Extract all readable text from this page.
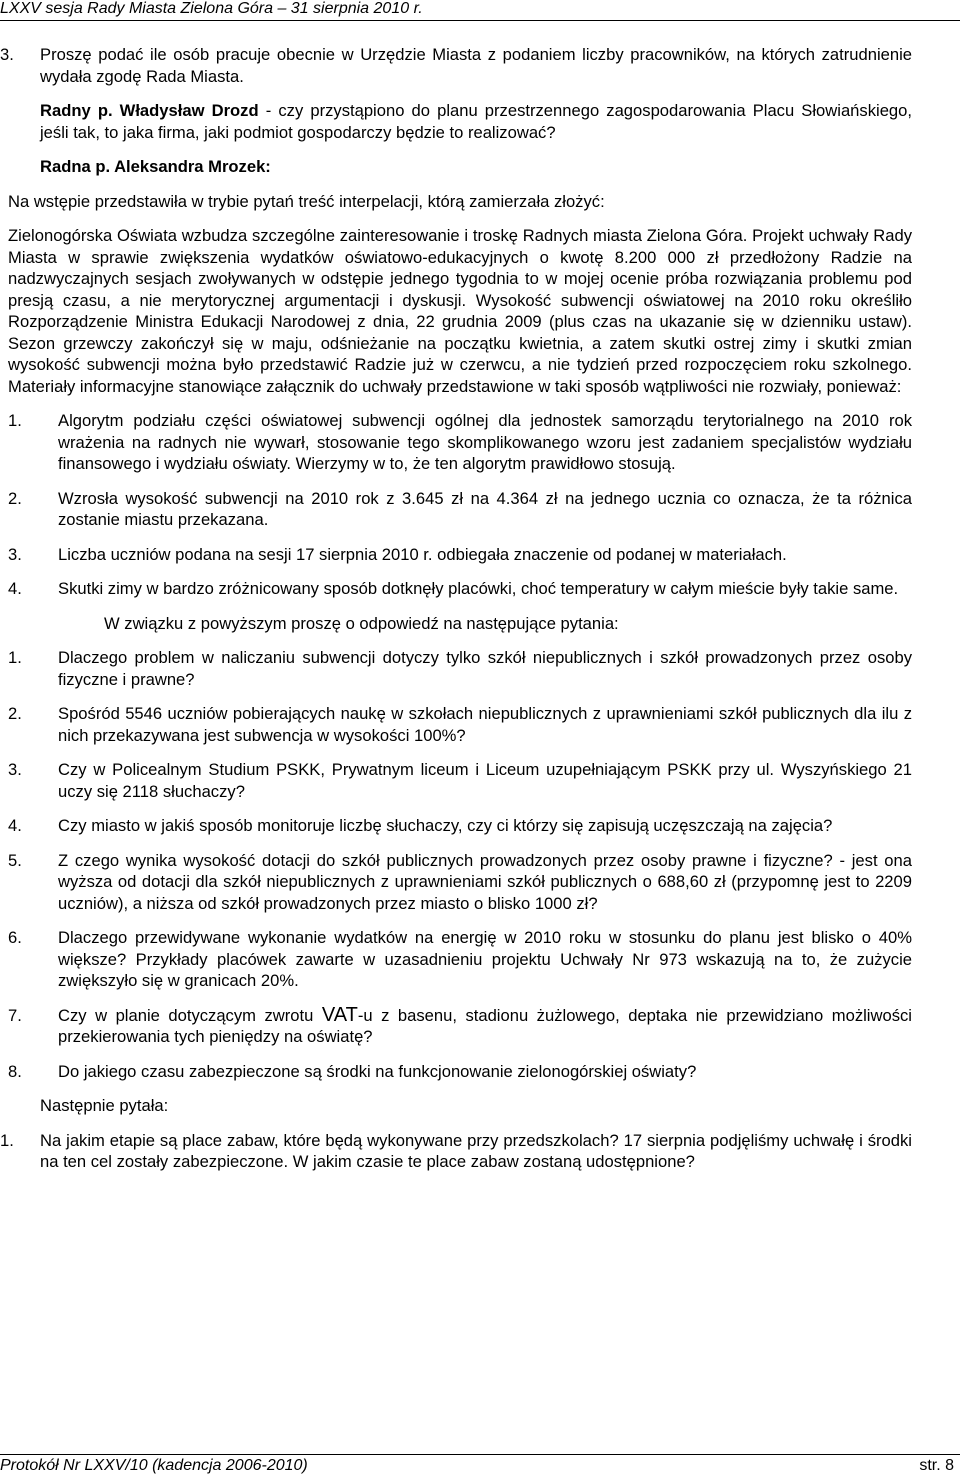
LXXV sesja Rady Miasta Zielona Góra – 31 sierpnia 2010 r.
3.	Proszę podać ile osób pracuje obecnie w Urzędzie Miasta z podaniem liczby pracowników, na których zatrudnienie wydała zgodę Rada Miasta.

Radny p. Władysław Drozd - czy przystąpiono do planu przestrzennego zagospodarowania Placu Słowiańskiego, jeśli tak, to jaka firma, jaki podmiot gospodarczy będzie to realizować?

Radna p. Aleksandra Mrozek:

Na wstępie przedstawiła w trybie pytań treść interpelacji, którą zamierzała złożyć:

Zielonogórska Oświata wzbudza szczególne zainteresowanie i troskę Radnych miasta Zielona Góra. Projekt uchwały Rady Miasta w sprawie zwiększenia wydatków oświatowo-edukacyjnych o kwotę 8.200 000 zł przedłożony Radzie na nadzwyczajnych sesjach zwoływanych w odstępie jednego tygodnia to w mojej ocenie próba rozwiązania problemu pod presją czasu, a nie merytorycznej argumentacji i dyskusji. Wysokość subwencji oświatowej na 2010 roku określiło Rozporządzenie Ministra Edukacji Narodowej z dnia, 22 grudnia 2009 (plus czas na ukazanie się w dzienniku ustaw). Sezon grzewczy zakończył się w maju, odśnieżanie na początku kwietnia, a zatem skutki ostrej zimy i skutki zmian wysokość subwencji można było przedstawić Radzie już w czerwcu, a nie tydzień przed rozpoczęciem roku szkolnego. Materiały informacyjne stanowiące załącznik do uchwały przedstawione w taki sposób wątpliwości nie rozwiały, ponieważ:

1.	Algorytm podziału części oświatowej subwencji ogólnej dla jednostek samorządu terytorialnego na 2010 rok wrażenia na radnych nie wywarł, stosowanie tego skomplikowanego wzoru jest zadaniem specjalistów wydziału finansowego i wydziału oświaty. Wierzymy w to, że ten algorytm prawidłowo stosują.
2.	Wzrosła wysokość subwencji na 2010 rok z 3.645 zł na 4.364 zł na jednego ucznia co oznacza, że ta różnica zostanie miastu przekazana.
3.	Liczba uczniów podana na sesji 17 sierpnia 2010 r. odbiegała znaczenie od podanej w materiałach.
4.	Skutki zimy w bardzo zróżnicowany sposób dotknęły placówki, choć temperatury w całym mieście były takie same.

W związku z powyższym proszę o odpowiedź na następujące pytania:

1.	Dlaczego problem w naliczaniu subwencji dotyczy tylko szkół niepublicznych i szkół prowadzonych przez osoby fizyczne i prawne?
2.	Spośród 5546 uczniów pobierających naukę w szkołach niepublicznych z uprawnieniami szkół publicznych dla ilu z nich przekazywana jest subwencja w wysokości 100%?
3.	Czy w Policealnym Studium PSKK, Prywatnym liceum i Liceum uzupełniającym PSKK przy ul. Wyszyńskiego 21 uczy się 2118 słuchaczy?
4.	Czy miasto w jakiś sposób monitoruje liczbę słuchaczy, czy ci którzy się zapisują uczęszczają na zajęcia?
5.	Z czego wynika wysokość dotacji do szkół publicznych prowadzonych przez osoby prawne i fizyczne? - jest ona wyższa od dotacji dla szkół niepublicznych z uprawnieniami szkół publicznych o 688,60 zł (przypomnę jest to 2209 uczniów), a niższa od szkół prowadzonych przez miasto o blisko 1000 zł?
6.	Dlaczego przewidywane wykonanie wydatków na energię w 2010 roku w stosunku do planu jest blisko o 40% większe? Przykłady placówek zawarte w uzasadnieniu projektu Uchwały Nr 973 wskazują na to, że zużycie zwiększyło się w granicach 20%.
7.	Czy w planie dotyczącym zwrotu VAT-u z basenu, stadionu żużlowego, deptaka nie przewidziano możliwości przekierowania tych pieniędzy na oświatę?
8.	Do jakiego czasu zabezpieczone są środki na funkcjonowanie zielonogórskiej oświaty?

Następnie pytała:

1.	Na jakim etapie są place zabaw, które będą wykonywane przy przedszkolach? 17 sierpnia podjęliśmy uchwałę i środki na ten cel zostały zabezpieczone. W jakim czasie te place zabaw zostaną udostępnione?
Protokół Nr LXXV/10 (kadencja 2006-2010)	str. 8
